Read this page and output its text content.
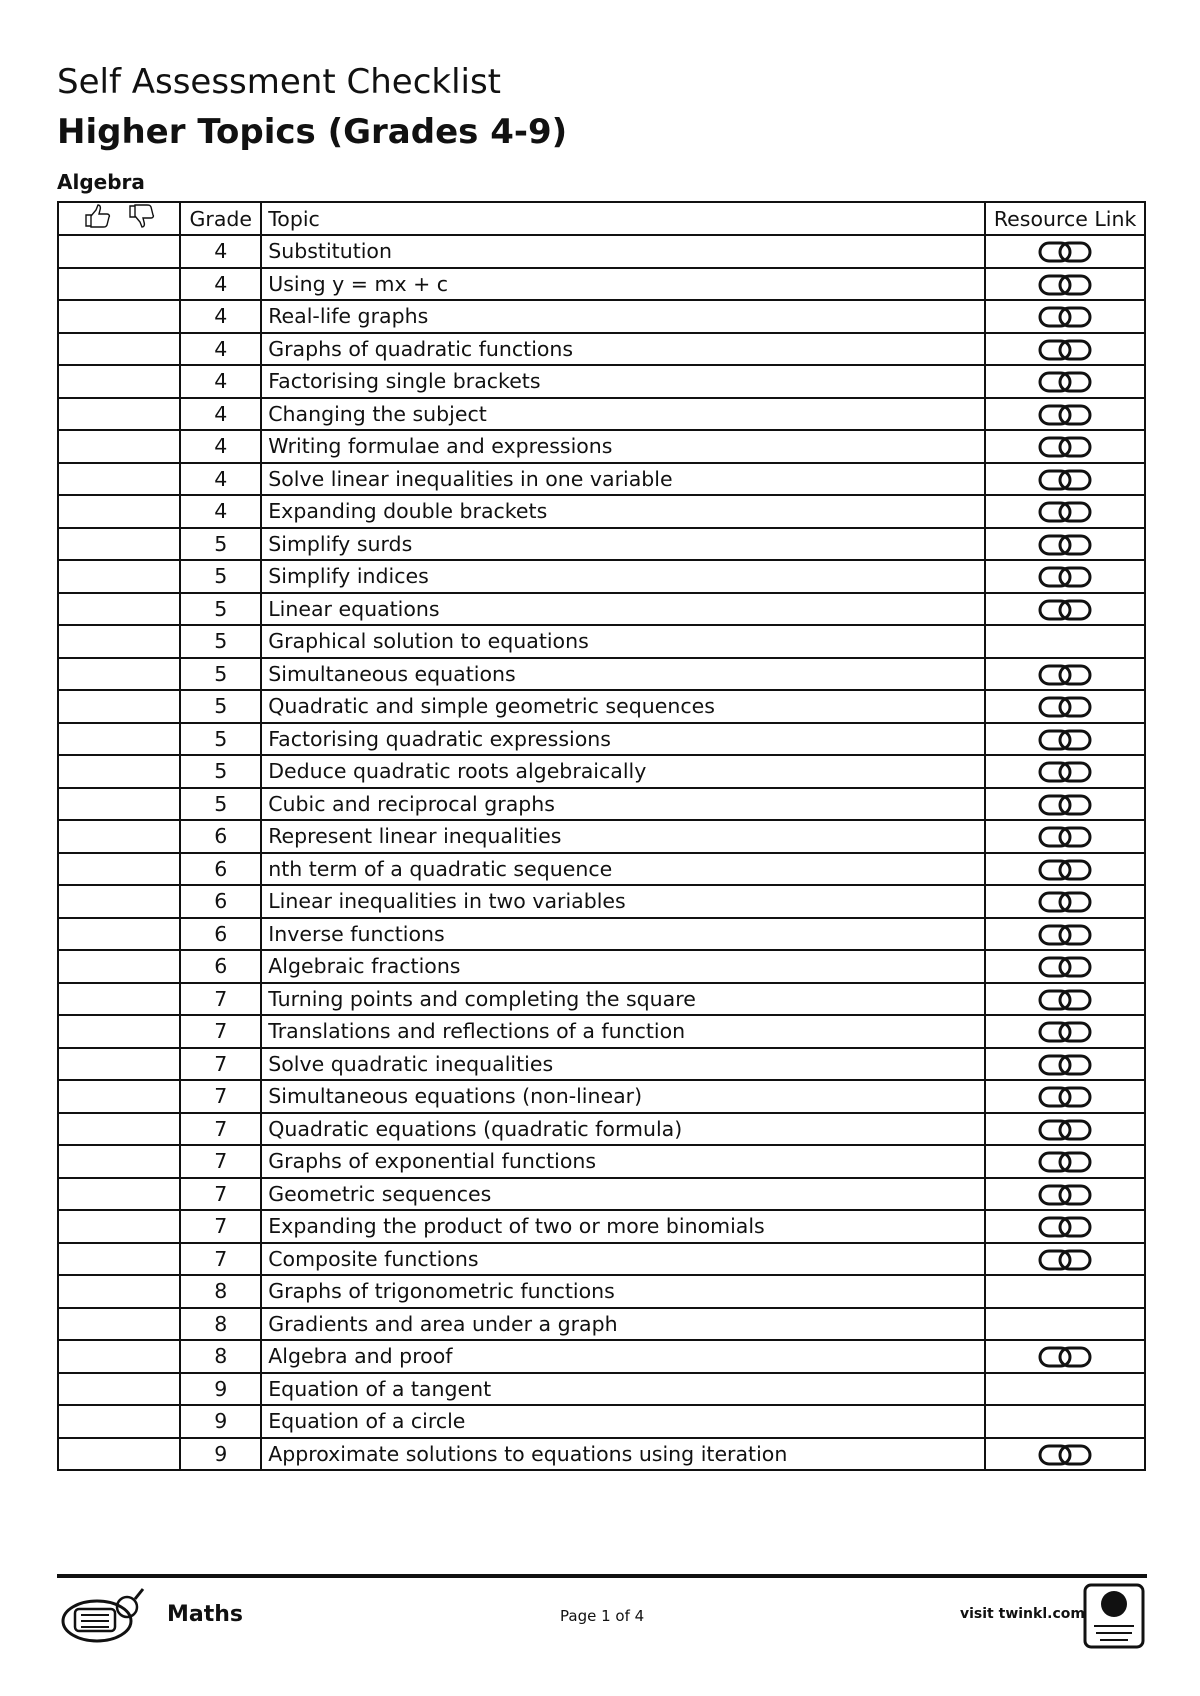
Self Assessment Checklist
Higher Topics (Grades 4-9)
Algebra
	Grade	Topic	Resource Link
	4	Substitution	
	4	Using y = mx + c	
	4	Real-life graphs	
	4	Graphs of quadratic functions	
	4	Factorising single brackets	
	4	Changing the subject	
	4	Writing formulae and expressions	
	4	Solve linear inequalities in one variable	
	4	Expanding double brackets	
	5	Simplify surds	
	5	Simplify indices	
	5	Linear equations	
	5	Graphical solution to equations	
	5	Simultaneous equations	
	5	Quadratic and simple geometric sequences	
	5	Factorising quadratic expressions	
	5	Deduce quadratic roots algebraically	
	5	Cubic and reciprocal graphs	
	6	Represent linear inequalities	
	6	nth term of a quadratic sequence	
	6	Linear inequalities in two variables	
	6	Inverse functions	
	6	Algebraic fractions	
	7	Turning points and completing the square	
	7	Translations and reflections of a function	
	7	Solve quadratic inequalities	
	7	Simultaneous equations (non-linear)	
	7	Quadratic equations (quadratic formula)	
	7	Graphs of exponential functions	
	7	Geometric sequences	
	7	Expanding the product of two or more binomials	
	7	Composite functions	
	8	Graphs of trigonometric functions	
	8	Gradients and area under a graph	
	8	Algebra and proof	
	9	Equation of a tangent	
	9	Equation of a circle	
	9	Approximate solutions to equations using iteration	
Maths	Page 1 of 4	visit twinkl.com
